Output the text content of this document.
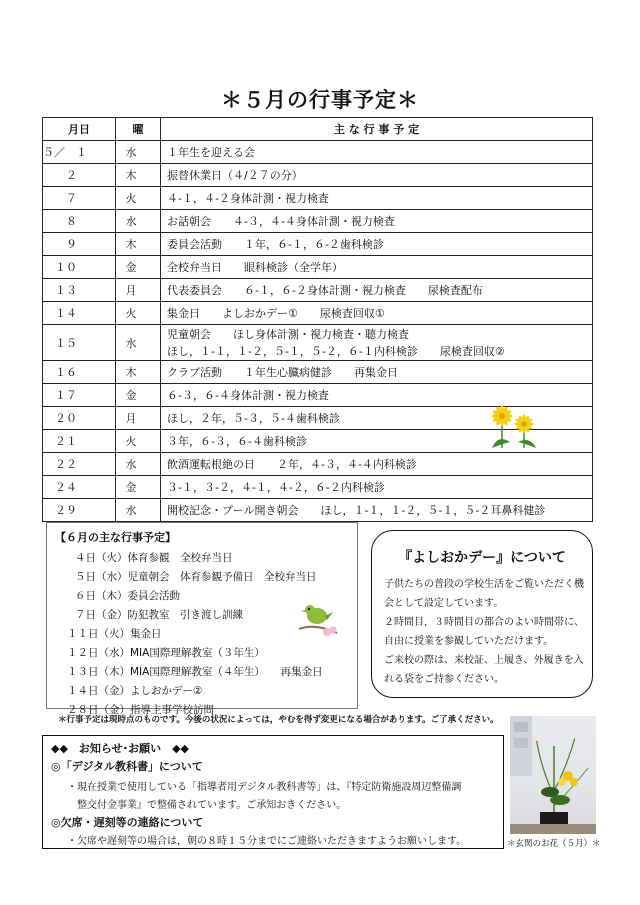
＊５月の行事予定＊
月日	曜	主 な 行 事 予 定
５／　１	水	１年生を迎える会

２	木	振替休業日（４/２７の分）

７	火	４-１，４-２身体計測・視力検査

８	水	お話朝会　　４-３，４-４身体計測・視力検査

９	木	委員会活動　　１年，６-１，６-２歯科検診

１０	金	全校弁当日　　眼科検診（全学年）

１３	月	代表委員会　　６-１，６-２身体計測・視力検査　　尿検査配布

１４	火	集金日　　よしおかデー①　　尿検査回収①

１５	水	児童朝会　　ほし身体計測・視力検査・聴力検査
ほし，１-１，１-２，５-１，５-２，６-１内科検診　　尿検査回収②

１６	木	クラブ活動　　１年生心臓病健診　　再集金日

１７	金	６-３，６-４身体計測・視力検査

２０	月	ほし，２年，５-３，５-４歯科検診

２１	火	３年，６-３，６-４歯科検診

２２	水	飲酒運転根絶の日　　２年，４-３，４-４内科検診

２４	金	３-１，３-２，４-１，４-２，６-２内科検診

２９	水	開校記念・プール開き朝会　　ほし，１-１，１-２，５-１，５-２耳鼻科健診
【６月の主な行事予定】
４日（火）体育参観　全校弁当日
５日（水）児童朝会　体育参観予備日　全校弁当日
６日（木）委員会活動
７日（金）防犯教室　引き渡し訓練
１１日（火）集金日
１２日（水）MIA国際理解教室（３年生）
１３日（木）MIA国際理解教室（４年生）　　再集金日
１４日（金）よしおかデー②
２８日（金）指導主事学校訪問
『よしおかデー』について

子供たちの普段の学校生活をご覧いただく機会として設定しています。

２時間目，３時間目の都合のよい時間帯に、自由に授業を参観していただけます。

ご来校の際は、来校証、上履き、外履きを入れる袋をご持参ください。

＊行事予定は現時点のものです。今後の状況によっては，やむを得ず変更になる場合があります。ご了承ください。
◆◆　お知らせ･お願い　◆◆
◎「デジタル教科書」について
・現在授業で使用している「指導者用デジタル教科書等」は、『特定防衛施設周辺整備調
整交付金事業』で整備されています。ご承知おきください。
◎欠席・遅刻等の連絡について
・欠席や遅刻等の場合は，朝の８時１５分までにご連絡いただきますようお願いします。	＊玄関のお花（５月）＊
